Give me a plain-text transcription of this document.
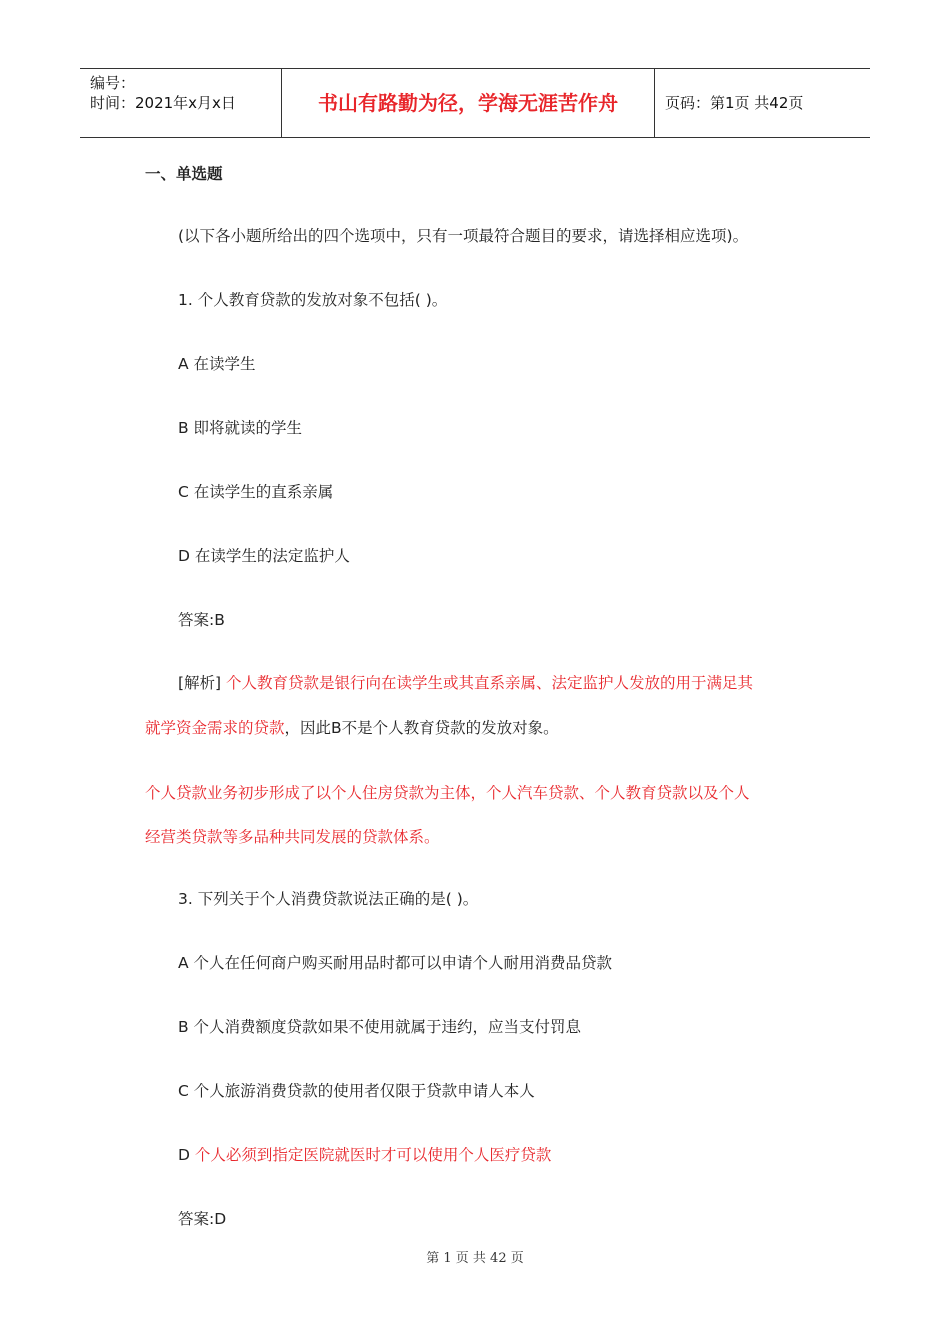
编号：
时间：2021年x月x日	书山有路勤为径，学海无涯苦作舟	页码：第1页 共42页
一、单选题
(以下各小题所给出的四个选项中，只有一项最符合题目的要求，请选择相应选项)。
1. 个人教育贷款的发放对象不包括( )。
A 在读学生
B 即将就读的学生
C 在读学生的直系亲属
D 在读学生的法定监护人
答案:B
[解析] 个人教育贷款是银行向在读学生或其直系亲属、法定监护人发放的用于满足其
就学资金需求的贷款，因此B不是个人教育贷款的发放对象。
个人贷款业务初步形成了以个人住房贷款为主体，个人汽车贷款、个人教育贷款以及个人
经营类贷款等多品种共同发展的贷款体系。
3. 下列关于个人消费贷款说法正确的是( )。
A 个人在任何商户购买耐用品时都可以申请个人耐用消费品贷款
B 个人消费额度贷款如果不使用就属于违约，应当支付罚息
C 个人旅游消费贷款的使用者仅限于贷款申请人本人
D 个人必须到指定医院就医时才可以使用个人医疗贷款
答案:D
第 1 页 共 42 页
